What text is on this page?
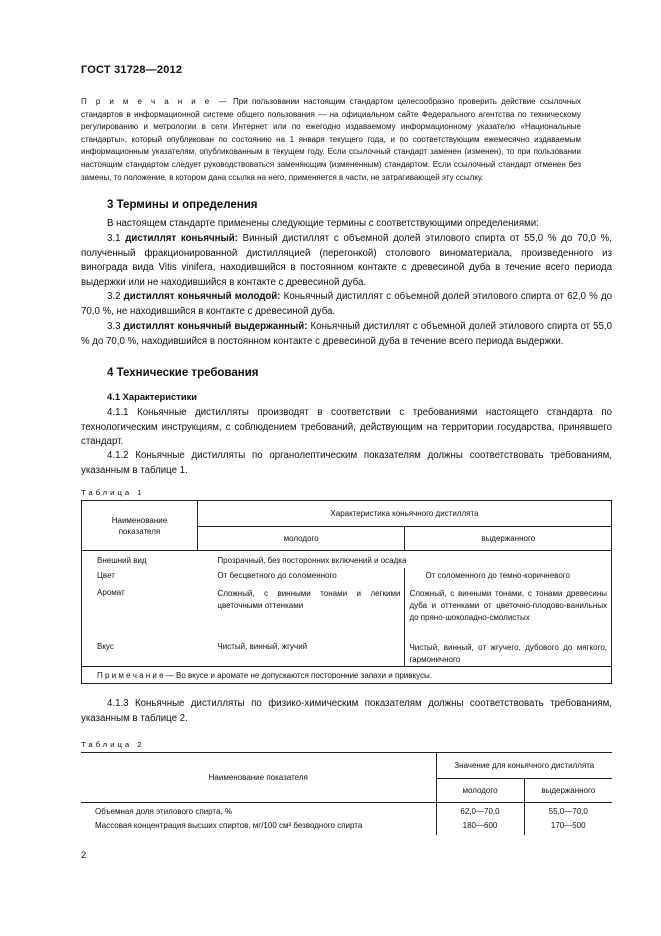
ГОСТ 31728—2012
П р и м е ч а н и е — При пользовании настоящим стандартом целесообразно проверить действие ссылочных стандартов в информационной системе общего пользования — на официальном сайте Федерального агентства по техническому регулированию и метрологии в сети Интернет или по ежегодно издаваемому информационному указателю «Национальные стандарты», который опубликован по состоянию на 1 января текущего года, и по соответствующим ежемесячно издаваемым информационным указателям, опубликованным в текущем году. Если ссылочный стандарт заменен (изменен), то при пользовании настоящим стандартом следует руководствоваться заменяющим (измененным) стандартом. Если ссылочный стандарт отменен без замены, то положение, в котором дана ссылка на него, применяется в части, не затрагивающей эту ссылку.
3 Термины и определения
В настоящем стандарте применены следующие термины с соответствующими определениями:
3.1 дистиллят коньячный: Винный дистиллят с объемной долей этилового спирта от 55,0 % до 70,0 %, полученный фракционированной дистилляцией (перегонкой) столового виноматериала, произведенного из винограда вида Vitis vinifera, находившийся в постоянном контакте с древесиной дуба в течение всего периода выдержки или не находившийся в контакте с древесиной дуба.
3.2 дистиллят коньячный молодой: Коньячный дистиллят с объемной долей этилового спирта от 62,0 % до 70,0 %, не находившийся в контакте с древесиной дуба.
3.3 дистиллят коньячный выдержанный: Коньячный дистиллят с объемной долей этилового спирта от 55,0 % до 70,0 %, находившийся в постоянном контакте с древесиной дуба в течение всего периода выдержки.
4 Технические требования
4.1 Характеристики
4.1.1 Коньячные дистилляты производят в соответствии с требованиями настоящего стандарта по технологическим инструкциям, с соблюдением требований, действующим на территории государства, принявшего стандарт.
4.1.2 Коньячные дистилляты по органолептическим показателям должны соответствовать требованиям, указанным в таблице 1.
Таблица 1
Наименование показателя	Характеристика коньячного дистиллята	
	молодого	выдержанного
Внешний вид	Прозрачный, без посторонних включений и осадка	
Цвет	От бесцветного до соломенного	От соломенного до темно-коричневого
Аромат	Сложный, с винными тонами и легкими цветочными оттенками	Сложный, с винными тонами, с тонами древесины дуба и оттенками от цветочно-плодово-ванильных до пряно-шоколадно-смолистых
Вкус	Чистый, винный, жгучий	Чистый, винный, от жгучего, дубового до мягкого, гармоничного
П р и м е ч а н и е — Во вкусе и аромате не допускаются посторонние запахи и привкусы.		
4.1.3 Коньячные дистилляты по физико-химическим показателям должны соответствовать требованиям, указанным в таблице 2.
Таблица 2
Наименование показателя	Значение для коньячного дистиллята	
	молодого	выдержанного
Объемная доля этилового спирта, %	62,0—70,0	55,0—70,0
Массовая концентрация высших спиртов, мг/100 см³ безводного спирта	180—600	170—500
2
